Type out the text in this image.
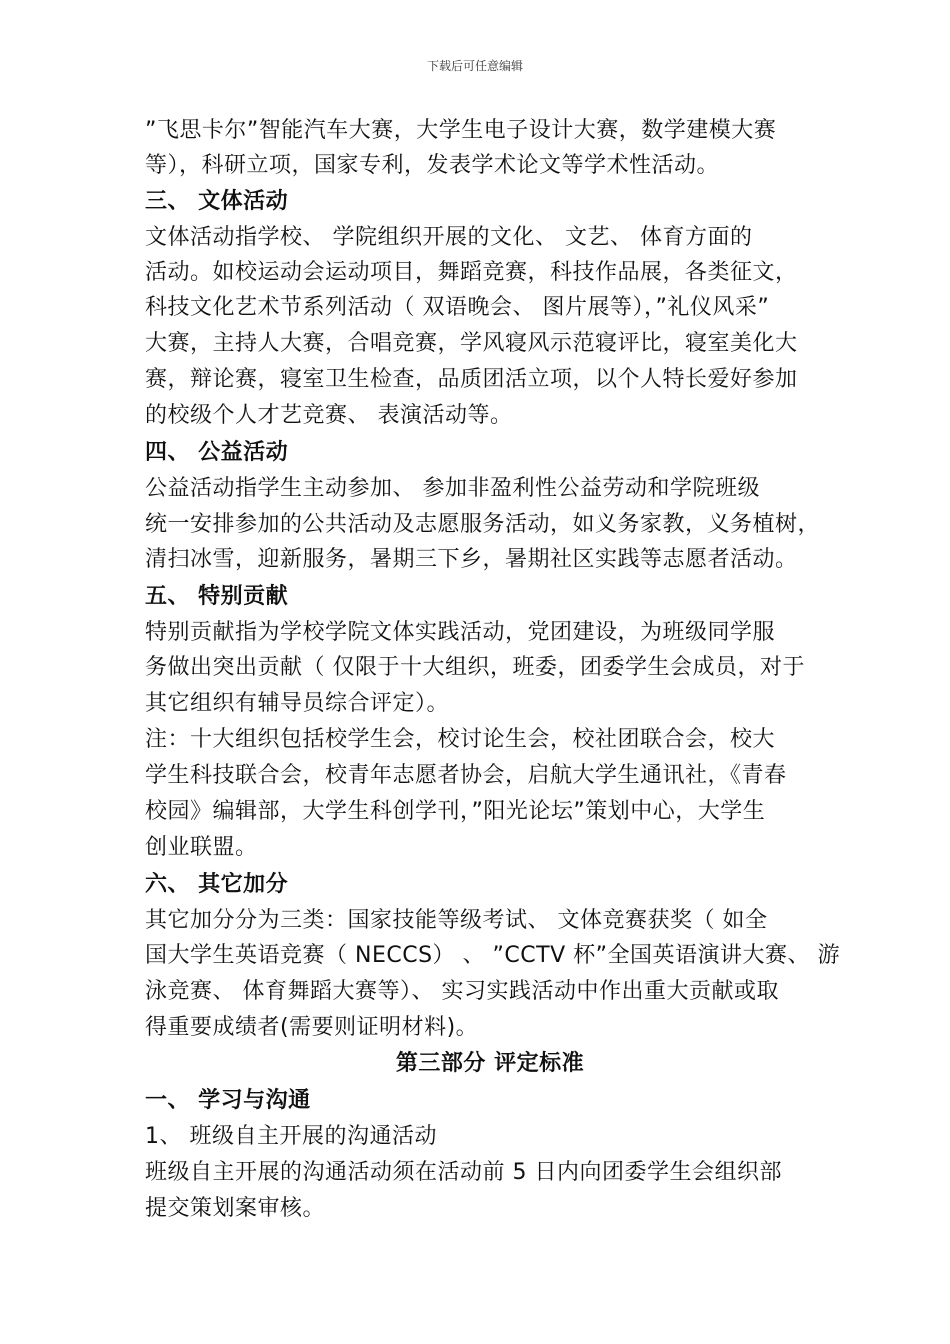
下载后可任意编辑
”飞思卡尔”智能汽车大赛，大学生电子设计大赛，数学建模大赛
等），科研立项，国家专利，发表学术论文等学术性活动。
三、 文体活动
文体活动指学校、 学院组织开展的文化、 文艺、 体育方面的
活动。如校运动会运动项目，舞蹈竞赛，科技作品展，各类征文，
科技文化艺术节系列活动（ 双语晚会、 图片展等），”礼仪风采”
大赛，主持人大赛，合唱竞赛，学风寝风示范寝评比，寝室美化大
赛，辩论赛，寝室卫生检查，品质团活立项，以个人特长爱好参加
的校级个人才艺竞赛、 表演活动等。
四、 公益活动
公益活动指学生主动参加、 参加非盈利性公益劳动和学院班级
统一安排参加的公共活动及志愿服务活动，如义务家教，义务植树，
清扫冰雪，迎新服务，暑期三下乡，暑期社区实践等志愿者活动。
五、 特别贡献
特别贡献指为学校学院文体实践活动，党团建设，为班级同学服
务做出突出贡献（ 仅限于十大组织，班委，团委学生会成员，对于
其它组织有辅导员综合评定）。
注：十大组织包括校学生会，校讨论生会，校社团联合会，校大
学生科技联合会，校青年志愿者协会，启航大学生通讯社，《青春
校园》编辑部，大学生科创学刊，”阳光论坛”策划中心，大学生
创业联盟。
六、 其它加分
其它加分分为三类：国家技能等级考试、 文体竞赛获奖（ 如全
国大学生英语竞赛（ NECCS） 、 ”CCTV 杯”全国英语演讲大赛、 游
泳竞赛、 体育舞蹈大赛等）、 实习实践活动中作出重大贡献或取
得重要成绩者(需要则证明材料)。
第三部分 评定标准
一、 学习与沟通
1、 班级自主开展的沟通活动
班级自主开展的沟通活动须在活动前 5 日内向团委学生会组织部
提交策划案审核。
